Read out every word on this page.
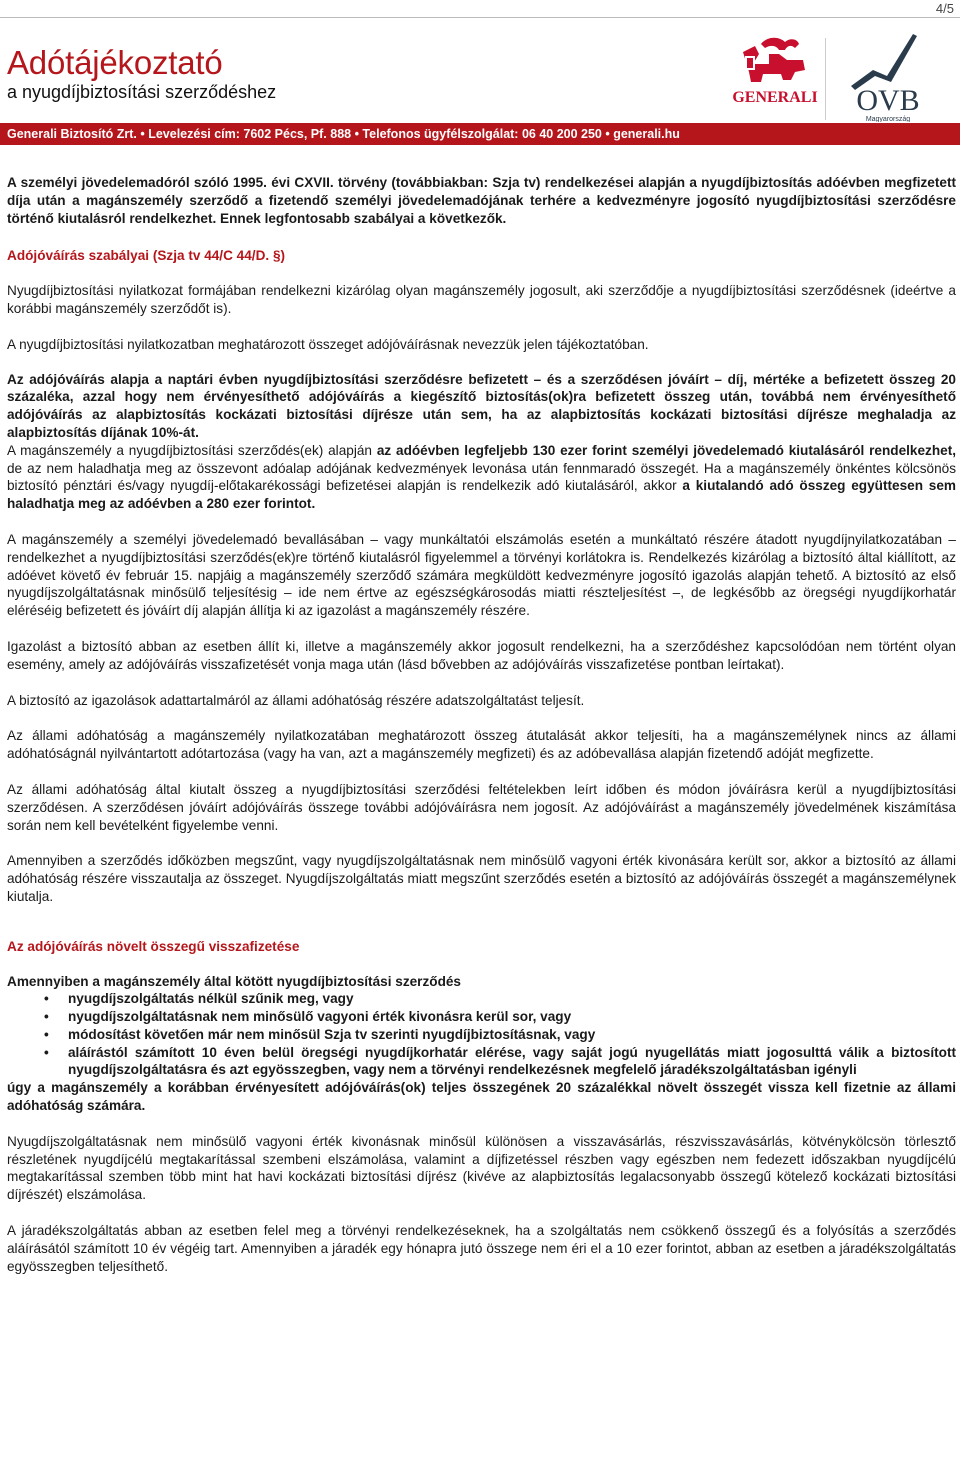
4/5
Adótájékoztató
a nyugdíjbiztosítási szerződéshez	GENERALI OVB
Magyarország
Generali Biztosító Zrt. • Levelezési cím: 7602 Pécs, Pf. 888 • Telefonos ügyfélszolgálat: 06 40 200 250 • generali.hu

A személyi jövedelemadóról szóló 1995. évi CXVII. törvény (továbbiakban: Szja tv) rendelkezései alapján a nyugdíjbiztosítás adóévben megfizetett díja után a magánszemély szerződő a fizetendő személyi jövedelemadójának terhére a kedvezményre jogosító nyugdíjbiztosítási szerződésre történő kiutalásról rendelkezhet. Ennek legfontosabb szabályai a következők.

Adójóváírás szabályai (Szja tv 44/C 44/D. §)

Nyugdíjbiztosítási nyilatkozat formájában rendelkezni kizárólag olyan magánszemély jogosult, aki szerződője a nyugdíjbiztosítási szerződésnek (ideértve a korábbi magánszemély szerződőt is).

A nyugdíjbiztosítási nyilatkozatban meghatározott összeget adójóváírásnak nevezzük jelen tájékoztatóban.

Az adójóváírás alapja a naptári évben nyugdíjbiztosítási szerződésre befizetett – és a szerződésen jóváírt – díj, mértéke a befizetett összeg 20 százaléka, azzal hogy nem érvényesíthető adójóváírás a kiegészítő biztosítás(ok)ra befizetett összeg után, továbbá nem érvényesíthető adójóváírás az alapbiztosítás kockázati biztosítási díjrésze után sem, ha az alapbiztosítás kockázati biztosítási díjrésze meghaladja az alapbiztosítás díjának 10%-át.

A magánszemély a nyugdíjbiztosítási szerződés(ek) alapján az adóévben legfeljebb 130 ezer forint személyi jövedelemadó kiutalásáról rendelkezhet, de az nem haladhatja meg az összevont adóalap adójának kedvezmények levonása után fennmaradó összegét. Ha a magánszemély önkéntes kölcsönös biztosító pénztári és/vagy nyugdíj-előtakarékossági befizetései alapján is rendelkezik adó kiutalásáról, akkor a kiutalandó adó összeg együttesen sem haladhatja meg az adóévben a 280 ezer forintot.

A magánszemély a személyi jövedelemadó bevallásában – vagy munkáltatói elszámolás esetén a munkáltató részére átadott nyugdíjnyilatkozatában – rendelkezhet a nyugdíjbiztosítási szerződés(ek)re történő kiutalásról figyelemmel a törvényi korlátokra is. Rendelkezés kizárólag a biztosító által kiállított, az adóévet követő év február 15. napjáig a magánszemély szerződő számára megküldött kedvezményre jogosító igazolás alapján tehető. A biztosító az első nyugdíjszolgáltatásnak minősülő teljesítésig – ide nem értve az egészségkárosodás miatti részteljesítést –, de legkésőbb az öregségi nyugdíjkorhatár eléréséig befizetett és jóváírt díj alapján állítja ki az igazolást a magánszemély részére.

Igazolást a biztosító abban az esetben állít ki, illetve a magánszemély akkor jogosult rendelkezni, ha a szerződéshez kapcsolódóan nem történt olyan esemény, amely az adójóváírás visszafizetését vonja maga után (lásd bővebben az adójóváírás visszafizetése pontban leírtakat).

A biztosító az igazolások adattartalmáról az állami adóhatóság részére adatszolgáltatást teljesít.

Az állami adóhatóság a magánszemély nyilatkozatában meghatározott összeg átutalását akkor teljesíti, ha a magánszemélynek nincs az állami adóhatóságnál nyilvántartott adótartozása (vagy ha van, azt a magánszemély megfizeti) és az adóbevallása alapján fizetendő adóját megfizette.

Az állami adóhatóság által kiutalt összeg a nyugdíjbiztosítási szerződési feltételekben leírt időben és módon jóváírásra kerül a nyugdíjbiztosítási szerződésen. A szerződésen jóváírt adójóváírás összege további adójóváírásra nem jogosít. Az adójóváírást a magánszemély jövedelmének kiszámítása során nem kell bevételként figyelembe venni.

Amennyiben a szerződés időközben megszűnt, vagy nyugdíjszolgáltatásnak nem minősülő vagyoni érték kivonására került sor, akkor a biztosító az állami adóhatóság részére visszautalja az összeget. Nyugdíjszolgáltatás miatt megszűnt szerződés esetén a biztosító az adójóváírás összegét a magánszemélynek kiutalja.

Az adójóváírás növelt összegű visszafizetése

Amennyiben a magánszemély által kötött nyugdíjbiztosítási szerződés

• nyugdíjszolgáltatás nélkül szűnik meg, vagy
• nyugdíjszolgáltatásnak nem minősülő vagyoni érték kivonásra kerül sor, vagy
• módosítást követően már nem minősül Szja tv szerinti nyugdíjbiztosításnak, vagy
• aláírástól számított 10 éven belül öregségi nyugdíjkorhatár elérése, vagy saját jogú nyugellátás miatt jogosulttá válik a biztosított nyugdíjszolgáltatásra és azt egyösszegben, vagy nem a törvényi rendelkezésnek megfelelő járadékszolgáltatásban igényli

úgy a magánszemély a korábban érvényesített adójóváírás(ok) teljes összegének 20 százalékkal növelt összegét vissza kell fizetnie az állami adóhatóság számára.

Nyugdíjszolgáltatásnak nem minősülő vagyoni érték kivonásnak minősül különösen a visszavásárlás, részvisszavásárlás, kötvénykölcsön törlesztő részletének nyugdíjcélú megtakarítással szembeni elszámolása, valamint a díjfizetéssel részben vagy egészben nem fedezett időszakban nyugdíjcélú megtakarítással szemben több mint hat havi kockázati biztosítási díjrész (kivéve az alapbiztosítás legalacsonyabb összegű kötelező kockázati biztosítási díjrészét) elszámolása.

A járadékszolgáltatás abban az esetben felel meg a törvényi rendelkezéseknek, ha a szolgáltatás nem csökkenő összegű és a folyósítás a szerződés aláírásától számított 10 év végéig tart. Amennyiben a járadék egy hónapra jutó összege nem éri el a 10 ezer forintot, abban az esetben a járadékszolgáltatás egyösszegben teljesíthető.
